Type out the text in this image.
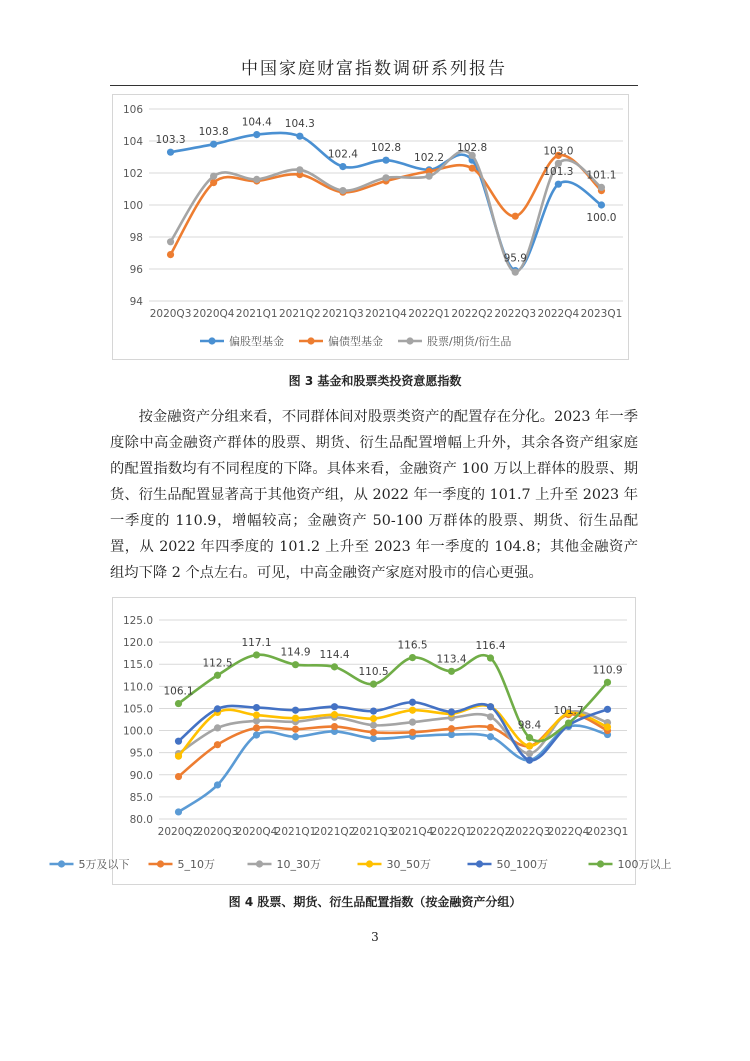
中国家庭财富指数调研系列报告
94
96
98
100
102
104
106
2020Q3 2020Q4 2021Q1 2021Q2 2021Q3 2021Q4 2022Q1 2022Q2 2022Q3 2022Q4 2023Q1
103.3
103.8
104.4 104.3
102.4
102.8
102.2
102.8
95.9
101.3
100.0
103.0
101.1
偏股型基金	偏债型基金	股票/期货/衍生品
图 3 基金和股票类投资意愿指数

按金融资产分组来看，不同群体间对股票类资产的配置存在分化。2023 年一季度除中高金融资产群体的股票、期货、衍生品配置增幅上升外，其余各资产组家庭的配置指数均有不同程度的下降。具体来看，金融资产 100 万以上群体的股票、期货、衍生品配置显著高于其他资产组，从 2022 年一季度的 101.7 上升至 2023 年一季度的 110.9，增幅较高；金融资产 50-100 万群体的股票、期货、衍生品配置，从 2022 年四季度的 101.2 上升至 2023 年一季度的 104.8；其他金融资产组均下降 2 个点左右。可见，中高金融资产家庭对股市的信心更强。

80.0
85.0
90.0
95.0
100.0
105.0
110.0
115.0
120.0
125.0
2020Q2
2020Q3
2020Q4
2021Q1
2021Q2
2021Q3
2021Q4
2022Q1
2022Q2
2022Q3
2022Q4
2023Q1
106.1
112.5
117.1
114.9 114.4
110.5
116.5
113.4
116.4
98.4
101.7
110.9
5万及以下	5_10万	10_30万	30_50万	50_100万	100万以上
图 4 股票、期货、衍生品配置指数（按金融资产分组）
3
